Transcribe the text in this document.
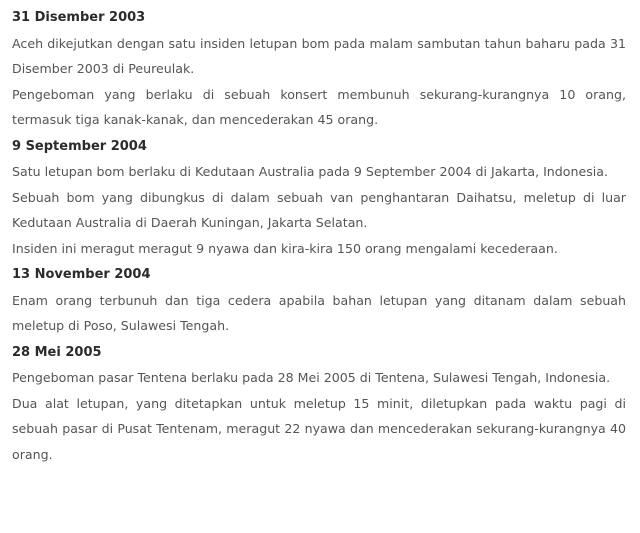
31 Disember 2003

Aceh dikejutkan dengan satu insiden letupan bom pada malam sambutan tahun baharu pada 31 Disember 2003 di Peureulak.

Pengeboman yang berlaku di sebuah konsert membunuh sekurang-kurangnya 10 orang, termasuk tiga kanak-kanak, dan mencederakan 45 orang.

9 September 2004

Satu letupan bom berlaku di Kedutaan Australia pada 9 September 2004 di Jakarta, Indonesia.

Sebuah bom yang dibungkus di dalam sebuah van penghantaran Daihatsu, meletup di luar Kedutaan Australia di Daerah Kuningan, Jakarta Selatan.

Insiden ini meragut meragut 9 nyawa dan kira-kira 150 orang mengalami kecederaan.

13 November 2004

Enam orang terbunuh dan tiga cedera apabila bahan letupan yang ditanam dalam sebuah meletup di Poso, Sulawesi Tengah.

28 Mei 2005

Pengeboman pasar Tentena berlaku pada 28 Mei 2005 di Tentena, Sulawesi Tengah, Indonesia.

Dua alat letupan, yang ditetapkan untuk meletup 15 minit, diletupkan pada waktu pagi di sebuah pasar di Pusat Tentenam, meragut 22 nyawa dan mencederakan sekurang-kurangnya 40 orang.
